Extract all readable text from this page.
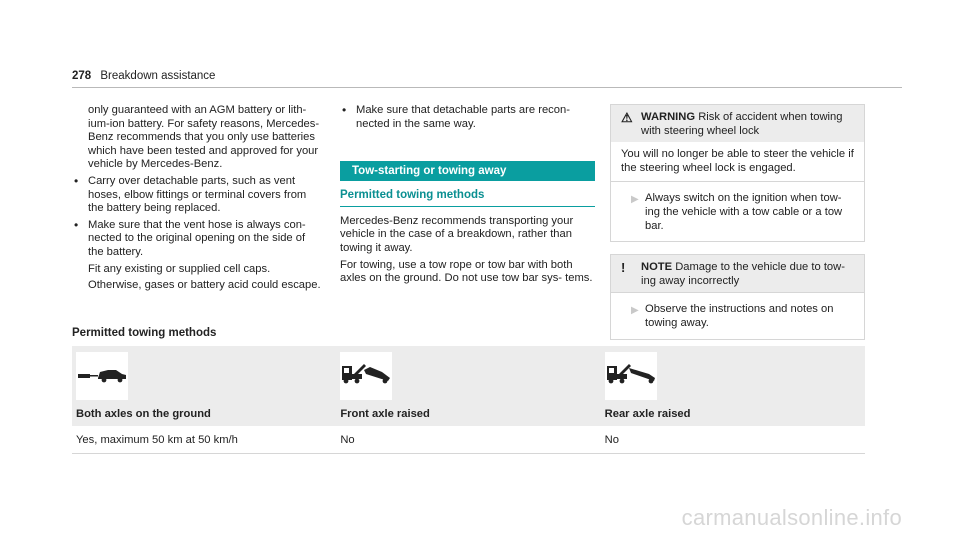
278 Breakdown assistance

only guaranteed with an AGM battery or lith- ium-ion battery. For safety reasons, Mercedes-Benz recommends that you only use batteries which have been tested and approved for your vehicle by Mercedes-Benz.

• Carry over detachable parts, such as vent hoses, elbow fittings or terminal covers from the battery being replaced.
• Make sure that the vent hose is always con- nected to the original opening on the side of the battery.

Fit any existing or supplied cell caps.

Otherwise, gases or battery acid could escape.

• Make sure that detachable parts are recon- nected in the same way.
Tow-starting or towing away
Permitted towing methods

Mercedes-Benz recommends transporting your vehicle in the case of a breakdown, rather than towing it away.

For towing, use a tow rope or tow bar with both axles on the ground. Do not use tow bar sys- tems.

⚠ WARNING Risk of accident when towing with steering wheel lock
You will no longer be able to steer the vehicle if the steering wheel lock is engaged.
▶ Always switch on the ignition when tow- ing the vehicle with a tow cable or a tow bar.
!	NOTE Damage to the vehicle due to tow- ing away incorrectly
▶ Observe the instructions and notes on towing away.
Permitted towing methods
Both axles on the ground	Front axle raised	Rear axle raised
Yes, maximum 50 km at 50 km/h	No	No
carmanualsonline.info
